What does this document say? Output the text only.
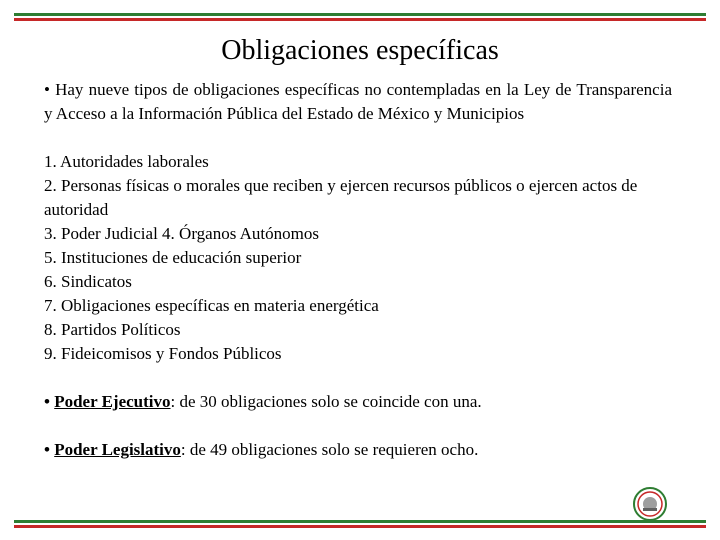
Obligaciones específicas

• Hay nueve tipos de obligaciones específicas no contempladas en la Ley de Transparencia y Acceso a la Información Pública del Estado de México y Municipios

1. Autoridades laborales
2. Personas físicas o morales que reciben y ejercen recursos públicos o ejercen actos de autoridad
3. Poder Judicial 4. Órganos Autónomos
5. Instituciones de educación superior
6. Sindicatos
7. Obligaciones específicas en materia energética
8. Partidos Políticos
9. Fideicomisos y Fondos Públicos

• Poder Ejecutivo: de 30 obligaciones solo se coincide con una.

• Poder Legislativo: de 49 obligaciones solo se requieren ocho.
